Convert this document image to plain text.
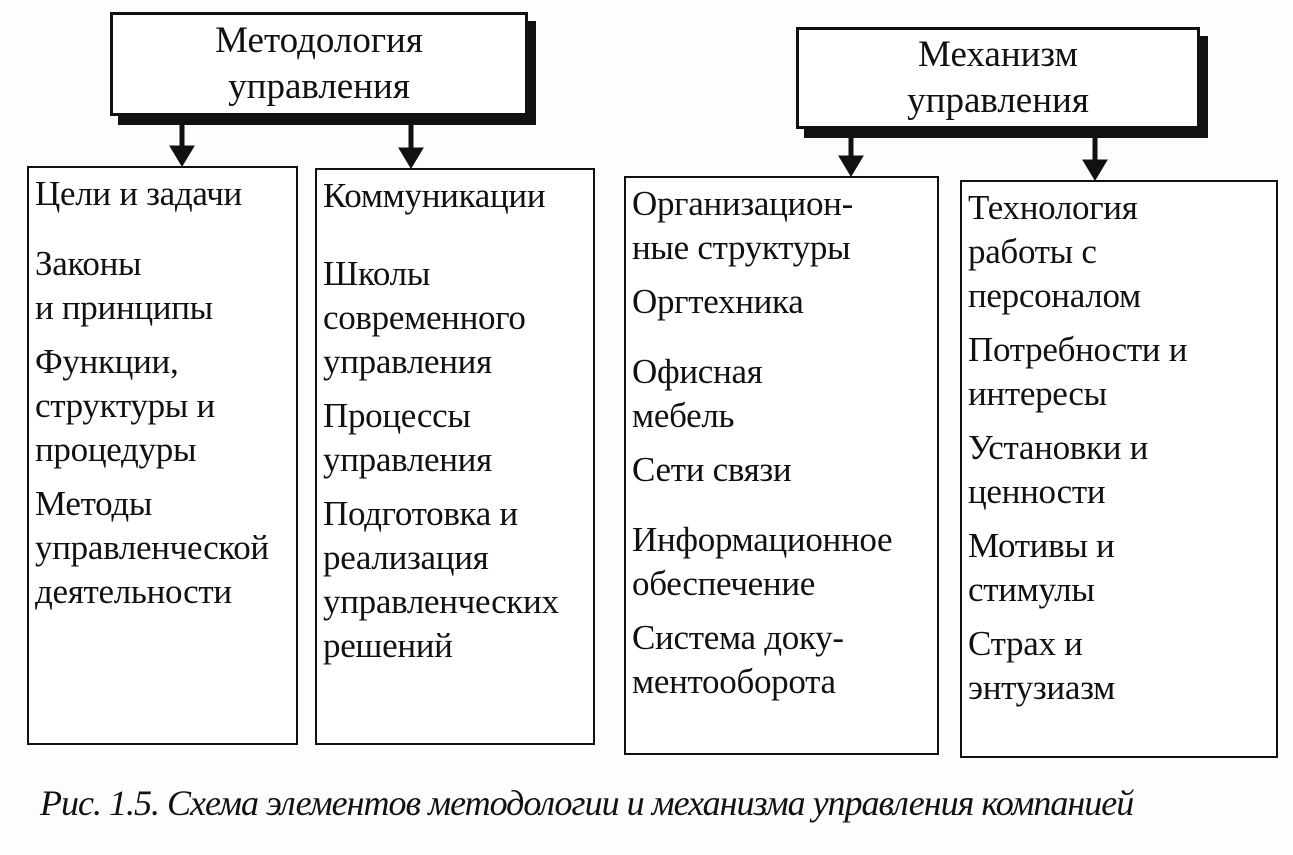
Методология
управления
Механизм
управления
Цели и задачи
Законы
и принципы
Функции,
структуры и
процедуры
Методы
управленческой
деятельности
Коммуникации
Школы
современного
управления
Процессы
управления
Подготовка и
реализация
управленческих
решений
Организацион-
ные структуры
Оргтехника
Офисная
мебель
Сети связи
Информационное
обеспечение
Система доку-
ментооборота
Технология
работы с
персоналом
Потребности и
интересы
Установки и
ценности
Мотивы и
стимулы
Страх и
энтузиазм
Рис. 1.5. Схема элементов методологии и механизма управления компанией
